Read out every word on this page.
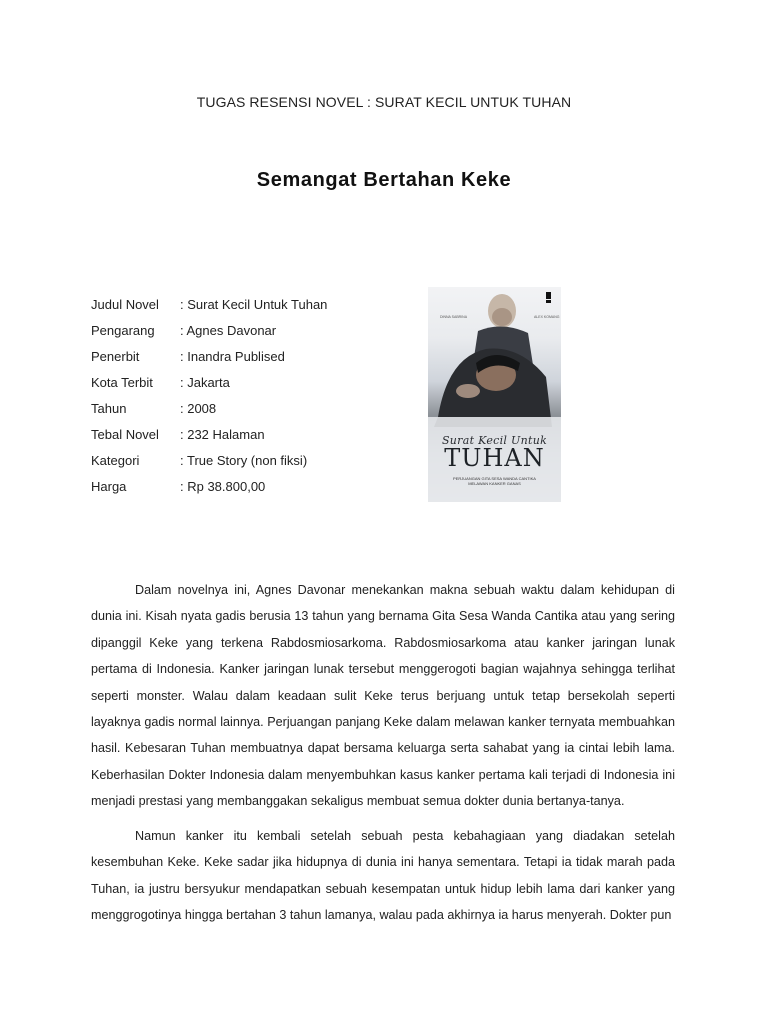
TUGAS RESENSI NOVEL : SURAT KECIL UNTUK TUHAN
Semangat Bertahan Keke
Judul Novel : Surat Kecil Untuk Tuhan
Pengarang : Agnes Davonar
Penerbit	: Inandra Publised
Kota Terbit : Jakarta
Tahun	: 2008
Tebal Novel : 232 Halaman
Kategori	: True Story (non fiksi)
Harga	: Rp 38.800,00
DINNA SABRINA	ALEX KOMANG
Surat Kecil Untuk
TUHAN
PERJUANGAN GITA SESA WANDA CANTIKA
MELAWAN KANKER GANAS

Dalam novelnya ini, Agnes Davonar menekankan makna sebuah waktu dalam kehidupan di dunia ini. Kisah nyata gadis berusia 13 tahun yang bernama Gita Sesa Wanda Cantika atau yang sering dipanggil Keke yang terkena Rabdosmiosarkoma. Rabdosmiosarkoma atau kanker jaringan lunak pertama di Indonesia. Kanker jaringan lunak tersebut menggerogoti bagian wajahnya sehingga terlihat seperti monster. Walau dalam keadaan sulit Keke terus berjuang untuk tetap bersekolah seperti layaknya gadis normal lainnya. Perjuangan panjang Keke dalam melawan kanker ternyata membuahkan hasil. Kebesaran Tuhan membuatnya dapat bersama keluarga serta sahabat yang ia cintai lebih lama. Keberhasilan Dokter Indonesia dalam menyembuhkan kasus kanker pertama kali terjadi di Indonesia ini menjadi prestasi yang membanggakan sekaligus membuat semua dokter dunia bertanya-tanya.

Namun kanker itu kembali setelah sebuah pesta kebahagiaan yang diadakan setelah kesembuhan Keke. Keke sadar jika hidupnya di dunia ini hanya sementara. Tetapi ia tidak marah pada Tuhan, ia justru bersyukur mendapatkan sebuah kesempatan untuk hidup lebih lama dari kanker yang menggrogotinya hingga bertahan 3 tahun lamanya, walau pada akhirnya ia harus menyerah. Dokter pun
